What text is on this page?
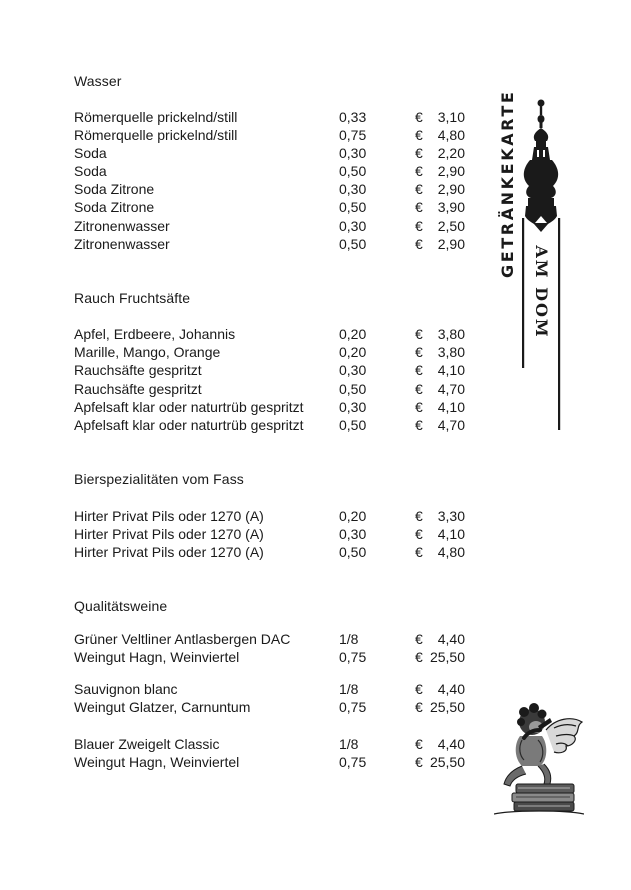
Wasser
Rauch Fruchtsäfte
Bierspezialitäten vom Fass
Qualitätsweine
Römerquelle prickelnd/still	0,33	€ 3,10
Römerquelle prickelnd/still	0,75	€ 4,80
Soda	0,30	€ 2,20
Soda	0,50	€ 2,90
Soda Zitrone	0,30	€ 2,90
Soda Zitrone	0,50	€ 3,90
Zitronenwasser	0,30	€ 2,50
Zitronenwasser	0,50	€ 2,90
Apfel, Erdbeere, Johannis	0,20	€ 3,80
Marille, Mango, Orange	0,20	€ 3,80
Rauchsäfte gespritzt	0,30	€ 4,10
Rauchsäfte gespritzt	0,50	€ 4,70
Apfelsaft klar oder naturtrüb gespritzt	0,30	€ 4,10
Apfelsaft klar oder naturtrüb gespritzt	0,50	€ 4,70
Hirter Privat Pils oder 1270 (A)	0,20	€ 3,30
Hirter Privat Pils oder 1270 (A)	0,30	€ 4,10
Hirter Privat Pils oder 1270 (A)	0,50	€ 4,80
Grüner Veltliner Antlasbergen DAC	1/8	€ 4,40
Weingut Hagn, Weinviertel	0,75	€ 25,50
Sauvignon blanc	1/8	€ 4,40
Weingut Glatzer, Carnuntum	0,75	€ 25,50
Blauer Zweigelt Classic	1/8	€ 4,40
Weingut Hagn, Weinviertel	0,75	€ 25,50
GETRÄNKEKARTE
AM DOM
